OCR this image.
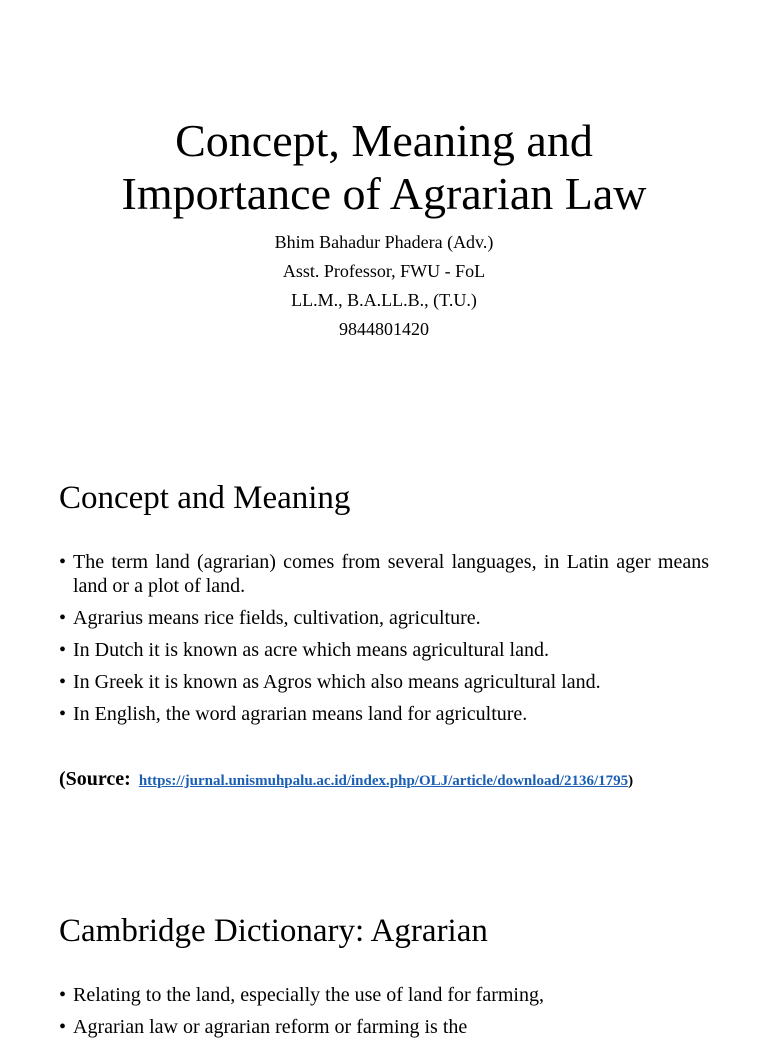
Concept, Meaning and
Importance of Agrarian Law
Bhim Bahadur Phadera (Adv.)
Asst. Professor, FWU - FoL
LL.M., B.A.LL.B., (T.U.)
9844801420
Concept and Meaning
• The term land (agrarian) comes from several languages, in Latin ager means land or a plot of land.
• Agrarius means rice fields, cultivation, agriculture.
• In Dutch it is known as acre which means agricultural land.
• In Greek it is known as Agros which also means agricultural land.
• In English, the word agrarian means land for agriculture.
(Source: https://jurnal.unismuhpalu.ac.id/index.php/OLJ/article/download/2136/1795)
Cambridge Dictionary: Agrarian
• Relating to the land, especially the use of land for farming,
• Agrarian law or agrarian reform or farming is the
